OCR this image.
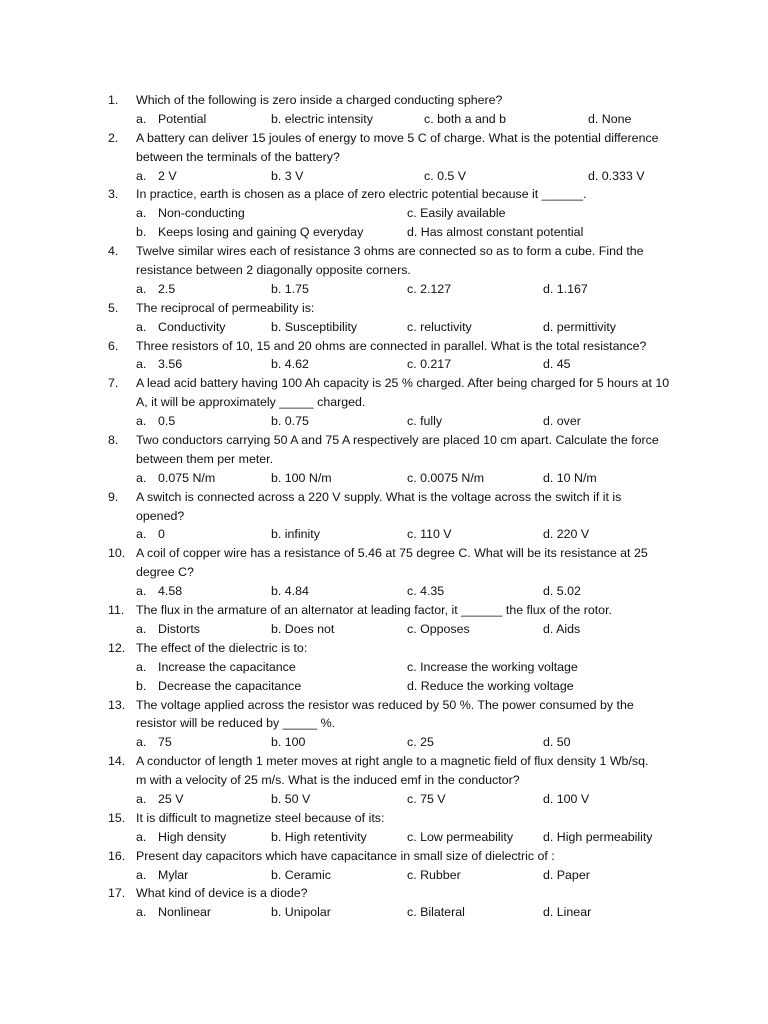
1.	Which of the following is zero inside a charged conducting sphere?
a. Potential	b. electric intensity	c. both a and b	d. None
2.	A battery can deliver 15 joules of energy to move 5 C of charge. What is the potential difference
between the terminals of the battery?
a. 2 V	b. 3 V	c. 0.5 V	d. 0.333 V
3.	In practice, earth is chosen as a place of zero electric potential because it ______.
a. Non-conducting	c. Easily available
b. Keeps losing and gaining Q everyday	d. Has almost constant potential
4.	Twelve similar wires each of resistance 3 ohms are connected so as to form a cube. Find the
resistance between 2 diagonally opposite corners.
a. 2.5	b. 1.75	c. 2.127	d. 1.167
5.	The reciprocal of permeability is:
a. Conductivity	b. Susceptibility	c. reluctivity	d. permittivity
6.	Three resistors of 10, 15 and 20 ohms are connected in parallel. What is the total resistance?
a. 3.56	b. 4.62	c. 0.217	d. 45
7.	A lead acid battery having 100 Ah capacity is 25 % charged. After being charged for 5 hours at 10
A, it will be approximately _____ charged.
a. 0.5	b. 0.75	c. fully	d. over
8.	Two conductors carrying 50 A and 75 A respectively are placed 10 cm apart. Calculate the force
between them per meter.
a. 0.075 N/m	b. 100 N/m	c. 0.0075 N/m	d. 10 N/m
9.	A switch is connected across a 220 V supply. What is the voltage across the switch if it is
opened?
a. 0	b. infinity	c. 110 V	d. 220 V
10. A coil of copper wire has a resistance of 5.46 at 75 degree C. What will be its resistance at 25
degree C?
a. 4.58	b. 4.84	c. 4.35	d. 5.02
11. The flux in the armature of an alternator at leading factor, it ______ the flux of the rotor.
a. Distorts	b. Does not	c. Opposes	d. Aids
12. The effect of the dielectric is to:
a. Increase the capacitance	c. Increase the working voltage
b. Decrease the capacitance	d. Reduce the working voltage
13. The voltage applied across the resistor was reduced by 50 %. The power consumed by the
resistor will be reduced by _____ %.
a. 75	b. 100	c. 25	d. 50
14. A conductor of length 1 meter moves at right angle to a magnetic field of flux density 1 Wb/sq.
m with a velocity of 25 m/s. What is the induced emf in the conductor?
a. 25 V	b. 50 V	c. 75 V	d. 100 V
15. It is difficult to magnetize steel because of its:
a. High density	b. High retentivity	c. Low permeability d. High permeability
16. Present day capacitors which have capacitance in small size of dielectric of :
a. Mylar	b. Ceramic	c. Rubber	d. Paper
17. What kind of device is a diode?
a. Nonlinear	b. Unipolar	c. Bilateral	d. Linear
